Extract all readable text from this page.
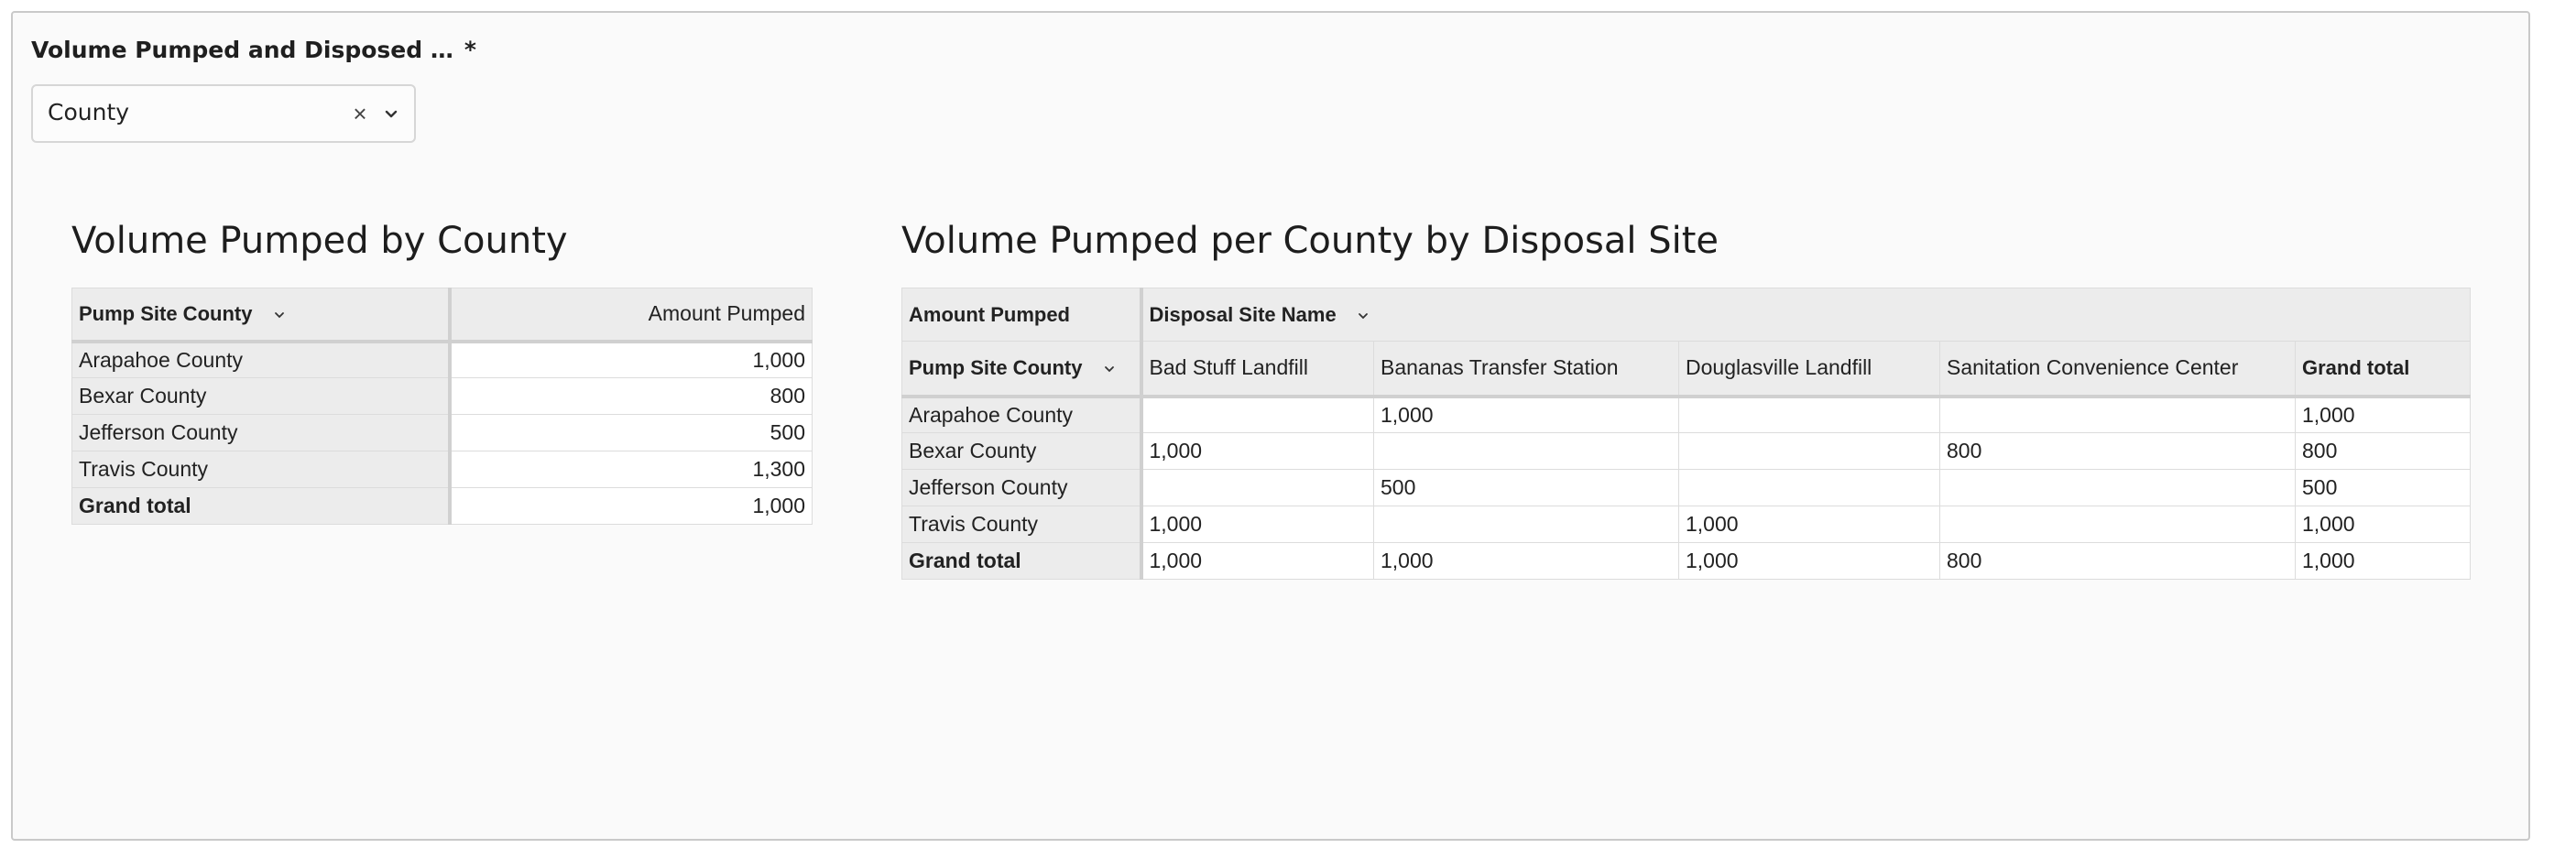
Volume Pumped and Disposed … *
County	×
Volume Pumped by County
Pump Site County	Amount Pumped
Arapahoe County	1,000
Bexar County	800
Jefferson County	500
Travis County	1,300
Grand total	1,000
Volume Pumped per County by Disposal Site
Amount Pumped	Disposal Site Name				
Pump Site County	Bad Stuff Landfill	Bananas Transfer Station	Douglasville Landfill	Sanitation Convenience Center	Grand total
Arapahoe County		1,000			1,000
Bexar County	1,000			800	800
Jefferson County		500			500
Travis County	1,000		1,000		1,000
Grand total	1,000	1,000	1,000	800	1,000
